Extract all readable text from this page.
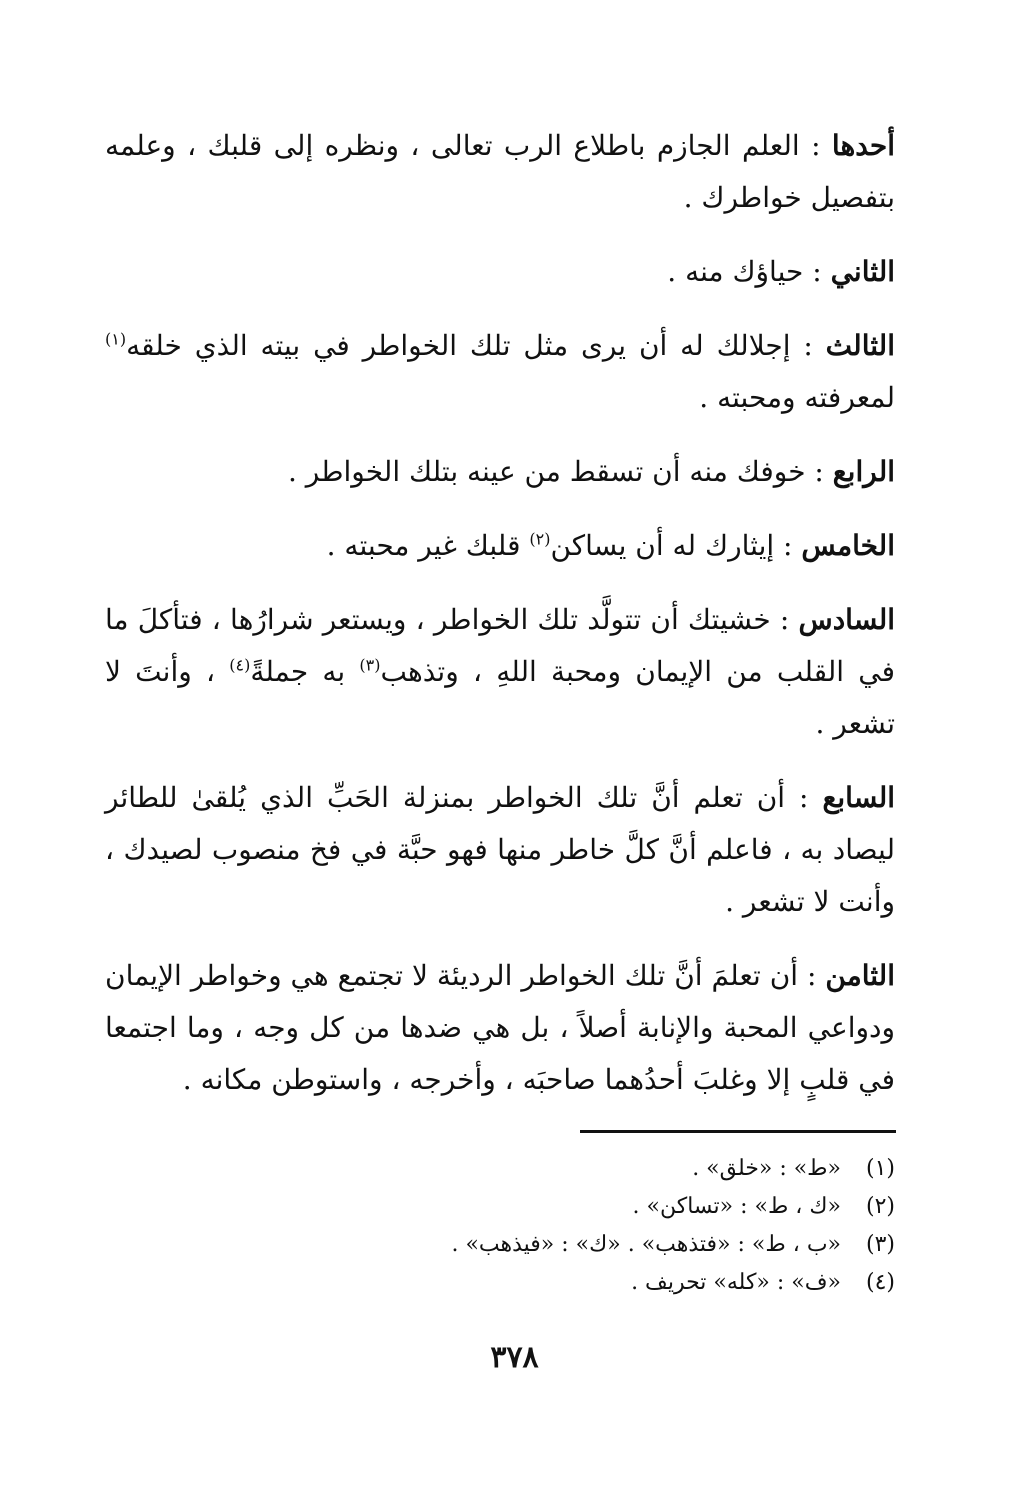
أحدها : العلم الجازم باطلاع الرب تعالى ، ونظره إلى قلبك ، وعلمه بتفصيل خواطرك .

الثاني : حياؤك منه .

الثالث : إجلالك له أن يرى مثل تلك الخواطر في بيته الذي خلقه$^{(١)}$ لمعرفته ومحبته .

الرابع : خوفك منه أن تسقط من عينه بتلك الخواطر .

الخامس : إيثارك له أن يساكن$^{(٢)}$ قلبك غير محبته .

السادس : خشيتك أن تتولَّد تلك الخواطر ، ويستعر شرارُها ، فتأكلَ ما في القلب من الإيمان ومحبة اللهِ ، وتذهب$^{(٣)}$ به جملةً$^{(٤)}$ ، وأنتَ لا تشعر .

السابع : أن تعلم أنَّ تلك الخواطر بمنزلة الحَبِّ الذي يُلقىٰ للطائر ليصاد به ، فاعلم أنَّ كلَّ خاطر منها فهو حبَّة في فخ منصوب لصيدك ، وأنت لا تشعر .

الثامن : أن تعلمَ أنَّ تلك الخواطر الرديئة لا تجتمع هي وخواطر الإيمان ودواعي المحبة والإنابة أصلاً ، بل هي ضدها من كل وجه ، وما اجتمعا في قلبٍ إلا وغلبَ أحدُهما صاحبَه ، وأخرجه ، واستوطن مكانه .

(١)«ط» : «خلق» .
(٢)«ك ، ط» : «تساكن» .
(٣)«ب ، ط» : «فتذهب» . «ك» : «فيذهب» .
(٤)«ف» : «كله» تحريف .
٣٧٨
